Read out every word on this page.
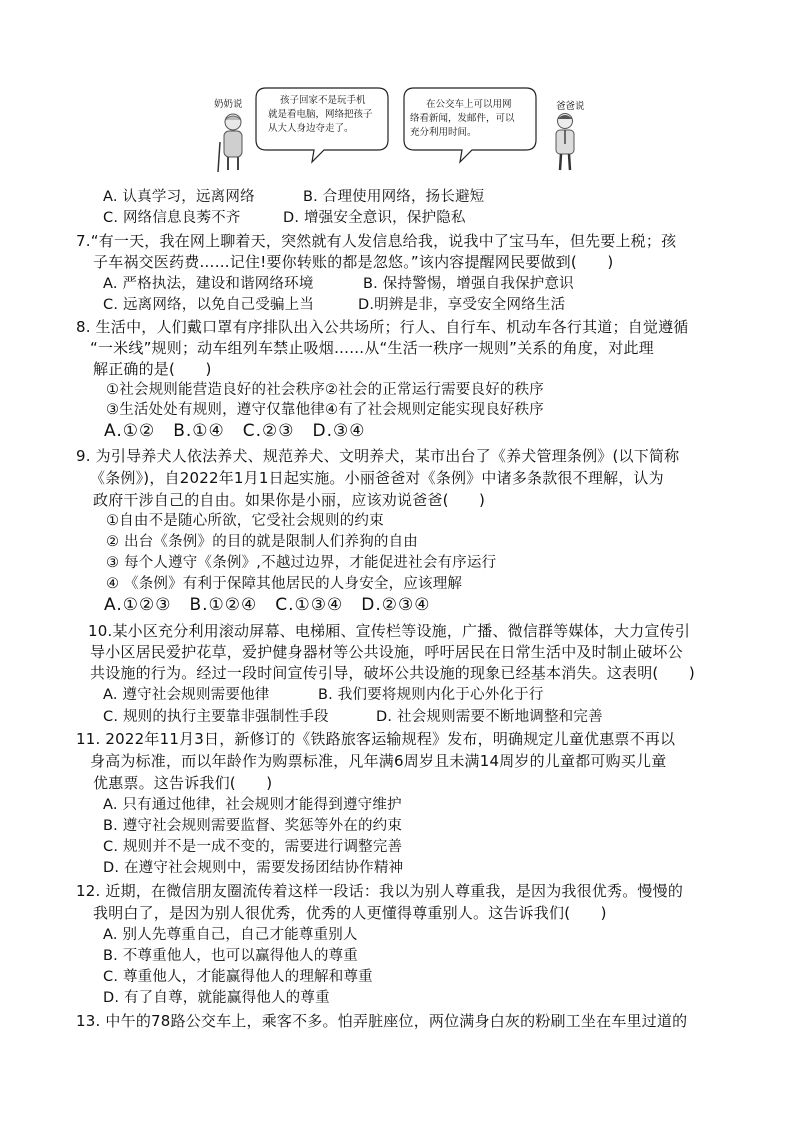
奶奶说	孩子回家不是玩手机
就是看电脑，网络把孩子
从大人身边夺走了。
在公交车上可以用网
络看新闻，发邮件，可以
充分利用时间。
爸爸说
A. 认真学习，远离网络	B. 合理使用网络，扬长避短
C. 网络信息良莠不齐	D. 增强安全意识，保护隐私
7.“有一天，我在网上聊着天，突然就有人发信息给我，说我中了宝马车，但先要上税；孩
子车祸交医药费……记住!要你转账的都是忽悠。”该内容提醒网民要做到(　　)
A. 严格执法，建设和谐网络环境	B. 保持警惕，增强自我保护意识
C. 远离网络，以免自己受骗上当	D.明辨是非，享受安全网络生活
8. 生活中，人们戴口罩有序排队出入公共场所；行人、自行车、机动车各行其道；自觉遵循
“一米线”规则；动车组列车禁止吸烟……从“生活一秩序一规则”关系的角度，对此理
解正确的是(　　)
①社会规则能营造良好的社会秩序②社会的正常运行需要良好的秩序
③生活处处有规则，遵守仅靠他律④有了社会规则定能实现良好秩序
A.①②　B.①④　C.②③　D.③④
9. 为引导养犬人依法养犬、规范养犬、文明养犬，某市出台了《养犬管理条例》(以下简称
《条例》)，自2022年1月1日起实施。小丽爸爸对《条例》中诸多条款很不理解，认为
政府干涉自己的自由。如果你是小丽，应该劝说爸爸(　　)
①自由不是随心所欲，它受社会规则的约束
② 出台《条例》的目的就是限制人们养狗的自由
③ 每个人遵守《条例》,不越过边界，才能促进社会有序运行
④ 《条例》有利于保障其他居民的人身安全，应该理解
A.①②③　B.①②④　C.①③④　D.②③④
10.某小区充分利用滚动屏幕、电梯厢、宣传栏等设施，广播、微信群等媒体，大力宣传引
导小区居民爱护花草，爱护健身器材等公共设施，呼吁居民在日常生活中及时制止破坏公
共设施的行为。经过一段时间宣传引导，破坏公共设施的现象已经基本消失。这表明(　　)
A. 遵守社会规则需要他律	B. 我们要将规则内化于心外化于行
C. 规则的执行主要靠非强制性手段	D. 社会规则需要不断地调整和完善
11. 2022年11月3日，新修订的《铁路旅客运输规程》发布，明确规定儿童优惠票不再以
身高为标准，而以年龄作为购票标准，凡年满6周岁且未满14周岁的儿童都可购买儿童
优惠票。这告诉我们(　　)
A. 只有通过他律，社会规则才能得到遵守维护
B. 遵守社会规则需要监督、奖惩等外在的约束
C. 规则并不是一成不变的，需要进行调整完善
D. 在遵守社会规则中，需要发扬团结协作精神
12. 近期，在微信朋友圈流传着这样一段话：我以为别人尊重我，是因为我很优秀。慢慢的
我明白了，是因为别人很优秀，优秀的人更懂得尊重别人。这告诉我们(　　)
A. 别人先尊重自己，自己才能尊重别人
B. 不尊重他人，也可以赢得他人的尊重
C. 尊重他人，才能赢得他人的理解和尊重
D. 有了自尊，就能赢得他人的尊重
13. 中午的78路公交车上，乘客不多。怕弄脏座位，两位满身白灰的粉刷工坐在车里过道的
